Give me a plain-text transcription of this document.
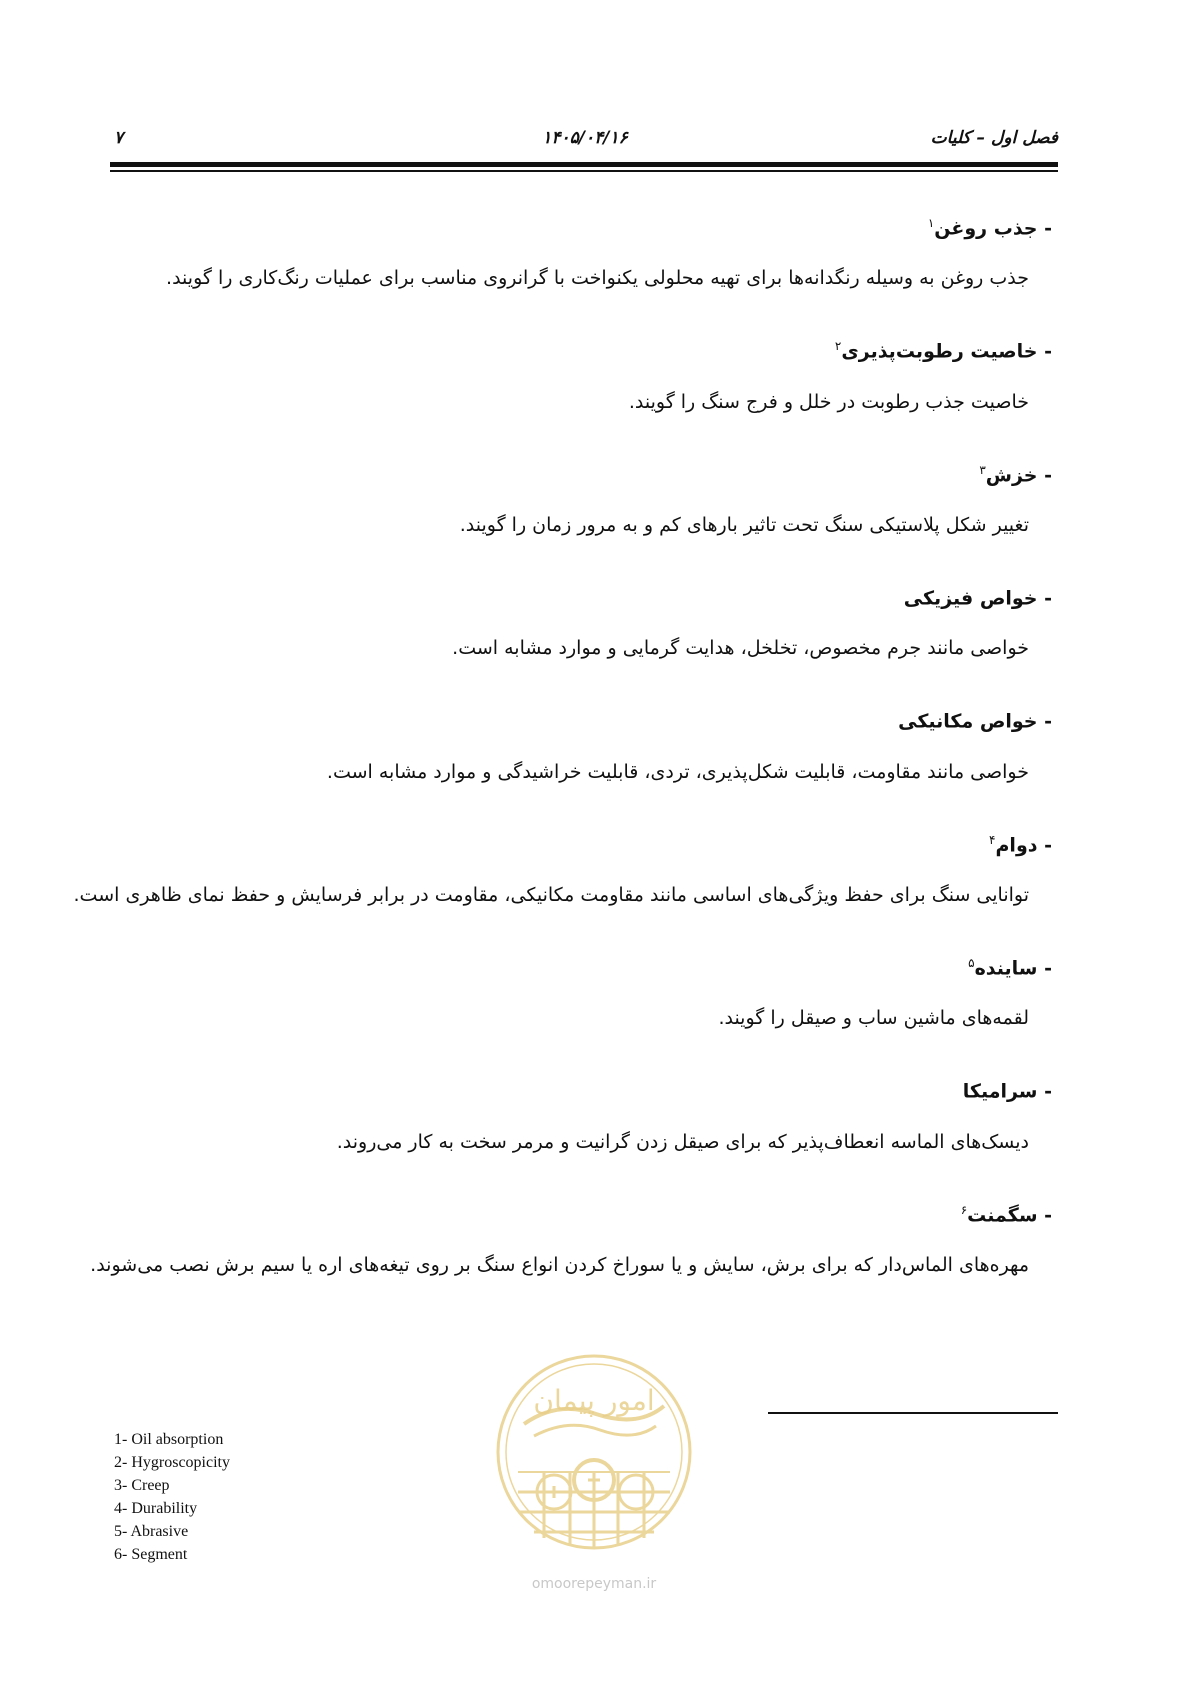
فصل اول – کلیات
۱۴۰۵/۰۴/۱۶
۷
- جذب روغن$^۱$
جذب روغن به وسیله رنگدانه‌ها برای تهیه محلولی یکنواخت با گرانروی مناسب برای عملیات رنگ‌کاری را گویند.
- خاصیت رطوبت‌پذیری$^۲$
خاصیت جذب رطوبت در خلل و فرج سنگ را گویند.
- خزش$^۳$
تغییر شکل پلاستیکی سنگ تحت تاثیر بارهای کم و به مرور زمان را گویند.
- خواص فیزیکی
خواصی مانند جرم مخصوص، تخلخل، هدایت گرمایی و موارد مشابه است.
- خواص مکانیکی
خواصی مانند مقاومت، قابلیت شکل‌پذیری، تردی، قابلیت خراشیدگی و موارد مشابه است.
- دوام$^۴$
توانایی سنگ برای حفظ ویژگی‌های اساسی مانند مقاومت مکانیکی، مقاومت در برابر فرسایش و حفظ نمای ظاهری است.
- ساینده$^۵$
لقمه‌های ماشین ساب و صیقل را گویند.
- سرامیکا
دیسک‌های الماسه انعطاف‌پذیر که برای صیقل زدن گرانیت و مرمر سخت به کار می‌روند.
- سگمنت$^۶$
مهره‌های الماس‌دار که برای برش، سایش و یا سوراخ کردن انواع سنگ بر روی تیغه‌های اره یا سیم برش نصب می‌شوند.
1- Oil absorption
2- Hygroscopicity
3- Creep
4- Durability
5- Abrasive
6- Segment
امور پیمان
omoorepeyman.ir
